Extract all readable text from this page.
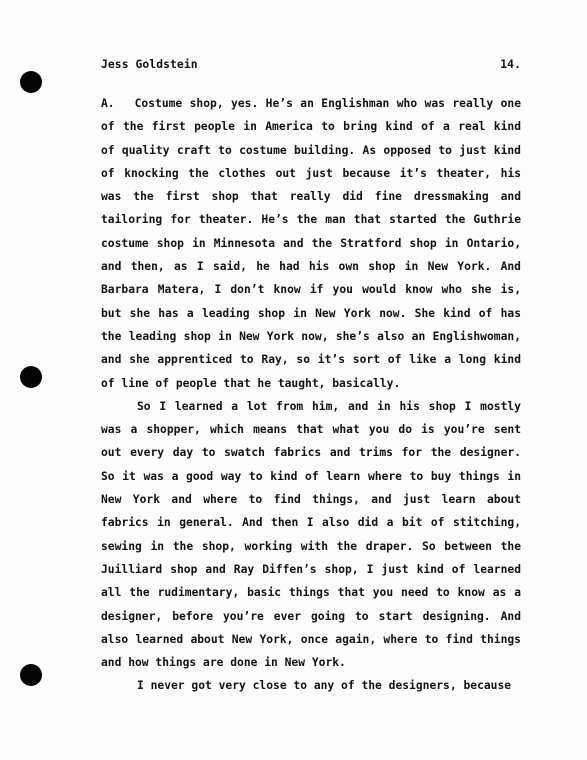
Jess Goldstein	14.

A. Costume shop, yes. He’s an Englishman who was really one of the first people in America to bring kind of a real kind of quality craft to costume building. As opposed to just kind of knocking the clothes out just because it’s theater, his was the first shop that really did fine dressmaking and tailoring for theater. He’s the man that started the Guthrie costume shop in Minnesota and the Stratford shop in Ontario, and then, as I said, he had his own shop in New York. And Barbara Matera, I don’t know if you would know who she is, but she has a leading shop in New York now. She kind of has the leading shop in New York now, she’s also an Englishwoman, and she apprenticed to Ray, so it’s sort of like a long kind of line of people that he taught, basically.

So I learned a lot from him, and in his shop I mostly was a shopper, which means that what you do is you’re sent out every day to swatch fabrics and trims for the designer. So it was a good way to kind of learn where to buy things in New York and where to find things, and just learn about fabrics in general. And then I also did a bit of stitching, sewing in the shop, working with the draper. So between the Juilliard shop and Ray Diffen’s shop, I just kind of learned all the rudimentary, basic things that you need to know as a designer, before you’re ever going to start designing. And also learned about New York, once again, where to find things and how things are done in New York.

I never got very close to any of the designers, because
